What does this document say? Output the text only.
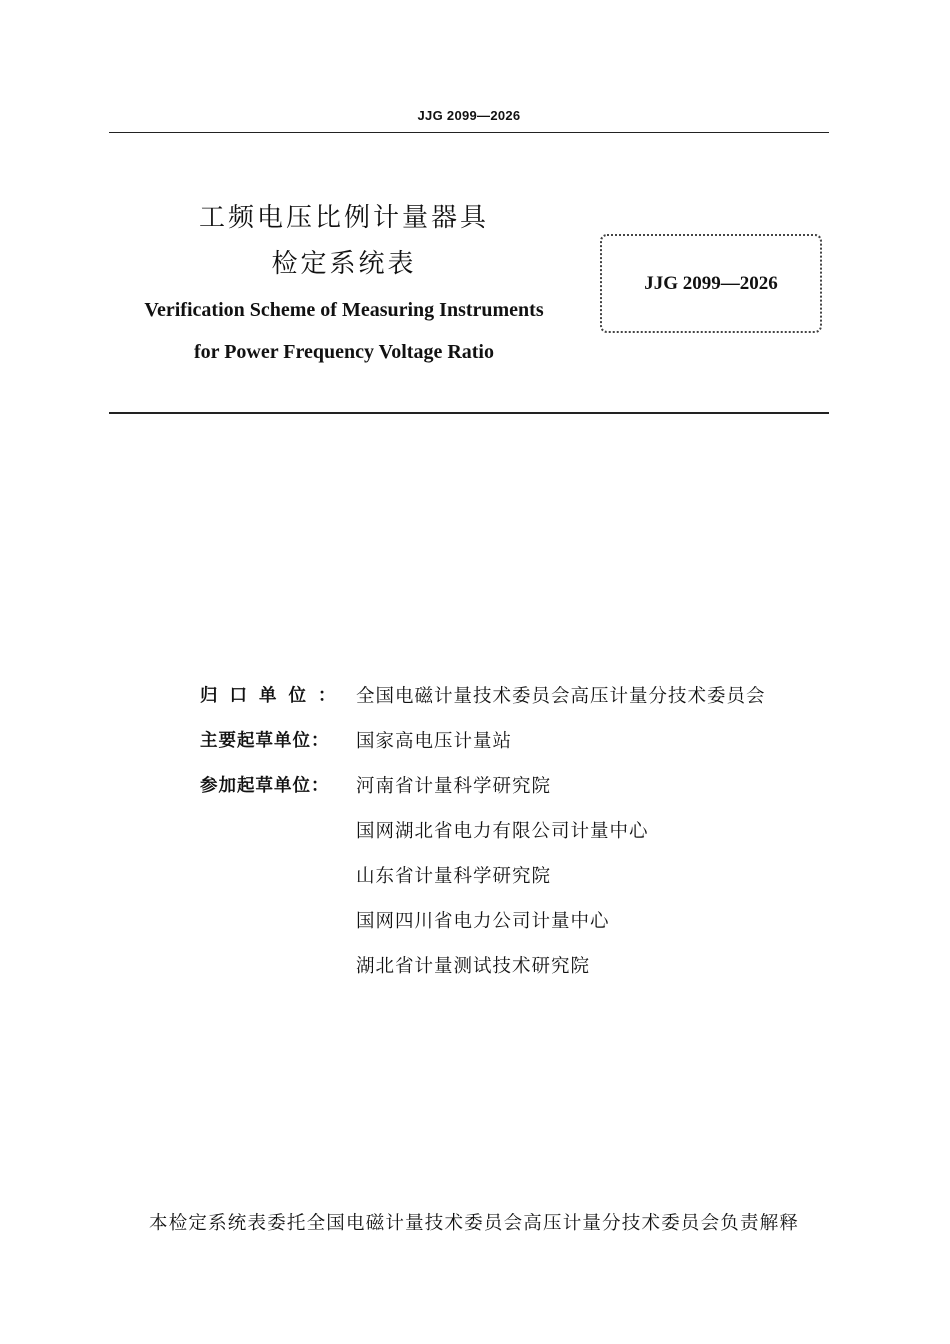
JJG 2099—2026
工频电压比例计量器具
检定系统表
Verification Scheme of Measuring Instruments
for Power Frequency Voltage Ratio
JJG 2099—2026
归口单位： 全国电磁计量技术委员会高压计量分技术委员会
主要起草单位：	国家高电压计量站
参加起草单位：	河南省计量科学研究院
国网湖北省电力有限公司计量中心
山东省计量科学研究院
国网四川省电力公司计量中心
湖北省计量测试技术研究院

本检定系统表委托全国电磁计量技术委员会高压计量分技术委员会负责解释
